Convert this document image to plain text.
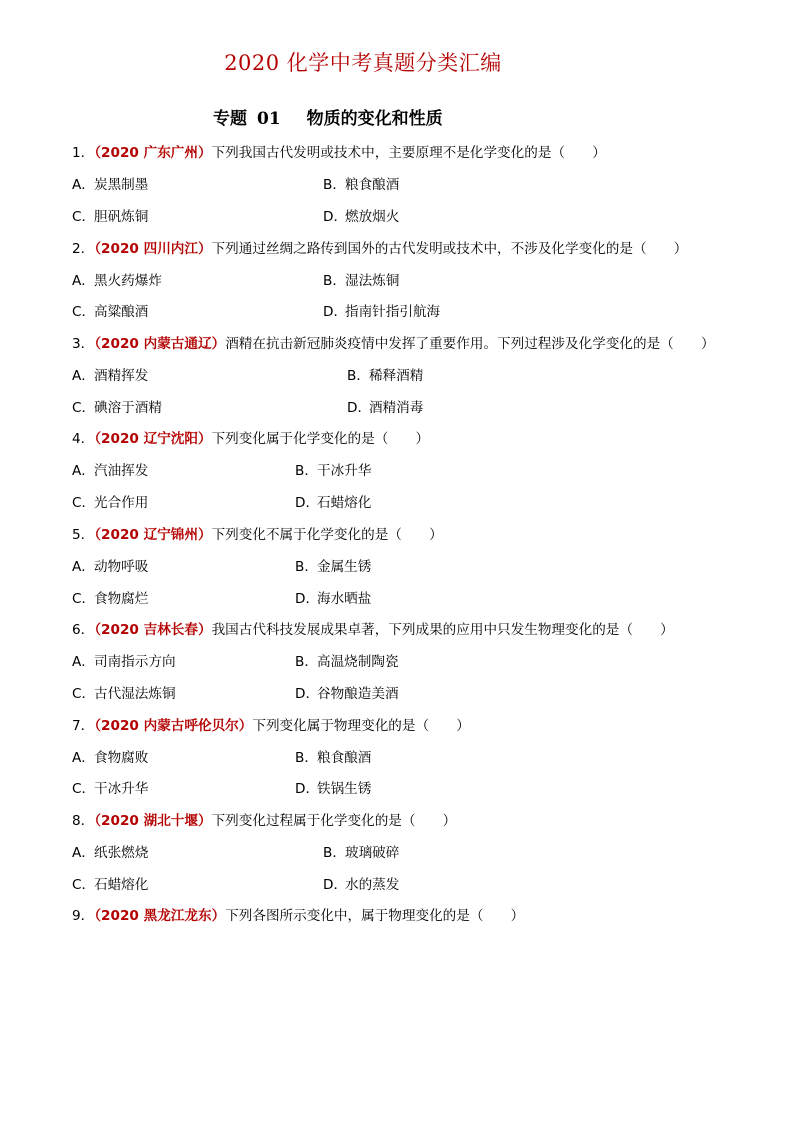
2020 化学中考真题分类汇编
专题 01 物质的变化和性质
1．（2020 广东广州）下列我国古代发明或技术中，主要原理不是化学变化的是（　　）
A．炭黑制墨	B．粮食酿酒
C．胆矾炼铜	D．燃放烟火
2．（2020 四川内江）下列通过丝绸之路传到国外的古代发明或技术中，不涉及化学变化的是（　　）
A．黑火药爆炸	B．湿法炼铜
C．高粱酿酒	D．指南针指引航海
3．（2020 内蒙古通辽）酒精在抗击新冠肺炎疫情中发挥了重要作用。下列过程涉及化学变化的是（　　）
A．酒精挥发	B．稀释酒精
C．碘溶于酒精	D．酒精消毒
4．（2020 辽宁沈阳）下列变化属于化学变化的是（　　）
A．汽油挥发	B．干冰升华
C．光合作用	D．石蜡熔化
5．（2020 辽宁锦州）下列变化不属于化学变化的是（　　）
A．动物呼吸	B．金属生锈
C．食物腐烂	D．海水晒盐
6．（2020 吉林长春）我国古代科技发展成果卓著，下列成果的应用中只发生物理变化的是（　　）
A．司南指示方向	B．高温烧制陶瓷
C．古代湿法炼铜	D．谷物酿造美酒
7．（2020 内蒙古呼伦贝尔）下列变化属于物理变化的是（　　）
A．食物腐败	B．粮食酿酒
C．干冰升华	D．铁锅生锈
8．（2020 湖北十堰）下列变化过程属于化学变化的是（　　）
A．纸张燃烧	B．玻璃破碎
C．石蜡熔化	D．水的蒸发
9．（2020 黑龙江龙东）下列各图所示变化中，属于物理变化的是（　　）
